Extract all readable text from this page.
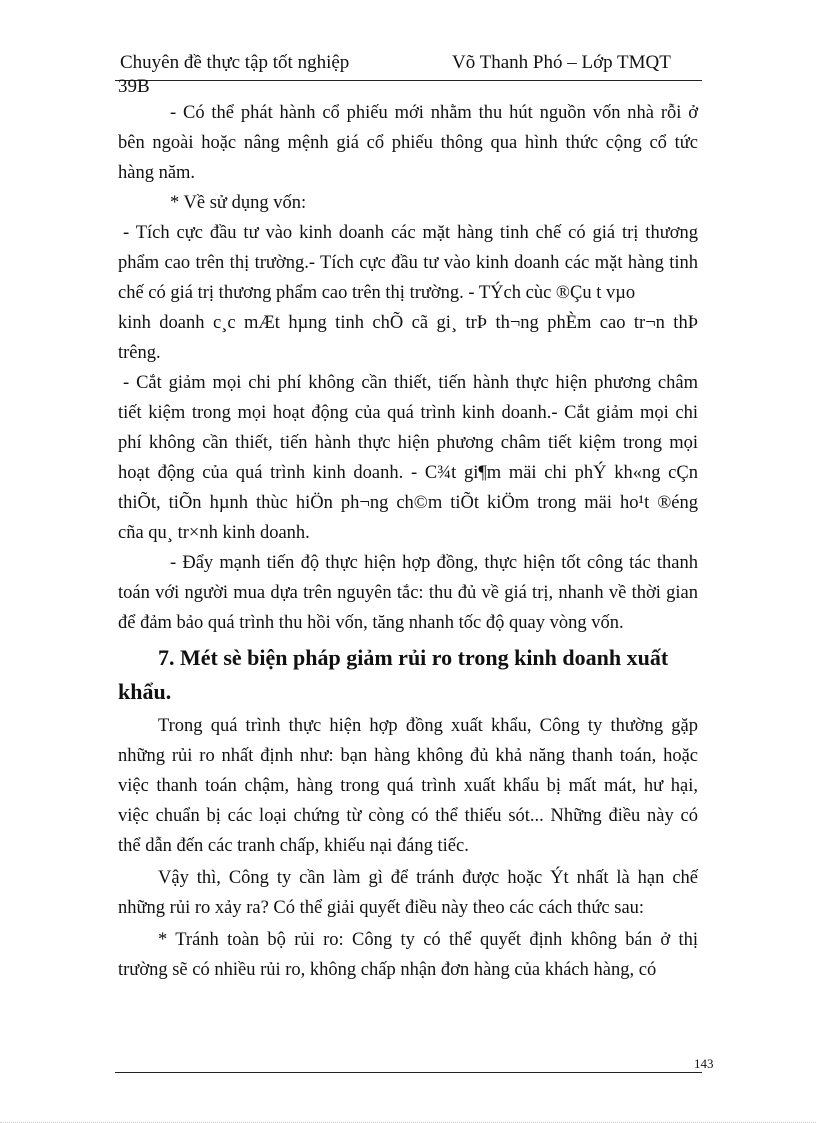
Chuyên đề thực tập tốt nghiệp	Võ Thanh Phó – Lớp TMQT
39B
- Có thể phát hành cổ phiếu mới nhằm thu hút nguồn vốn nhà rỗi ở
bên ngoài hoặc nâng mệnh giá cổ phiếu thông qua hình thức cộng cổ tức
hàng năm.
* Về sử dụng vốn:
- Tích cực đầu tư vào kinh doanh các mặt hàng tinh chế có giá trị thương
phẩm cao trên thị trường.- Tích cực đầu tư vào kinh doanh các mặt hàng tinh
chế có giá trị thương phẩm cao trên thị trường. - TÝch cùc ®Çu t vµo
kinh doanh c¸c mÆt hµng tinh chÕ cã gi¸ trÞ th¬ng phÈm cao tr¬n thÞ
trêng.
- Cắt giảm mọi chi phí không cần thiết, tiến hành thực hiện phương châm
tiết kiệm trong mọi hoạt động của quá trình kinh doanh.- Cắt giảm mọi chi
phí không cần thiết, tiến hành thực hiện phương châm tiết kiệm trong mọi
hoạt động của quá trình kinh doanh. - C¾t gi¶m mäi chi phÝ kh«ng cÇn
thiÕt, tiÕn hµnh thùc hiÖn ph¬ng ch©m tiÕt kiÖm trong mäi ho¹t ®éng
cña qu¸ tr×nh kinh doanh.
- Đẩy mạnh tiến độ thực hiện hợp đồng, thực hiện tốt công tác thanh
toán với người mua dựa trên nguyên tắc: thu đủ về giá trị, nhanh về thời gian
để đảm bảo quá trình thu hồi vốn, tăng nhanh tốc độ quay vòng vốn.
7. Mét sè biện pháp giảm rủi ro trong kinh doanh xuất
khẩu.
Trong quá trình thực hiện hợp đồng xuất khẩu, Công ty thường gặp
những rủi ro nhất định như: bạn hàng không đủ khả năng thanh toán, hoặc
việc thanh toán chậm, hàng trong quá trình xuất khẩu bị mất mát, hư hại,
việc chuẩn bị các loại chứng từ còng có thể thiếu sót... Những điều này có
thể dẫn đến các tranh chấp, khiếu nại đáng tiếc.
Vậy thì, Công ty cần làm gì để tránh được hoặc Ýt nhất là hạn chế
những rủi ro xảy ra? Có thể giải quyết điều này theo các cách thức sau:
* Tránh toàn bộ rủi ro: Công ty có thể quyết định không bán ở thị
trường sẽ có nhiều rủi ro, không chấp nhận đơn hàng của khách hàng, có
143
